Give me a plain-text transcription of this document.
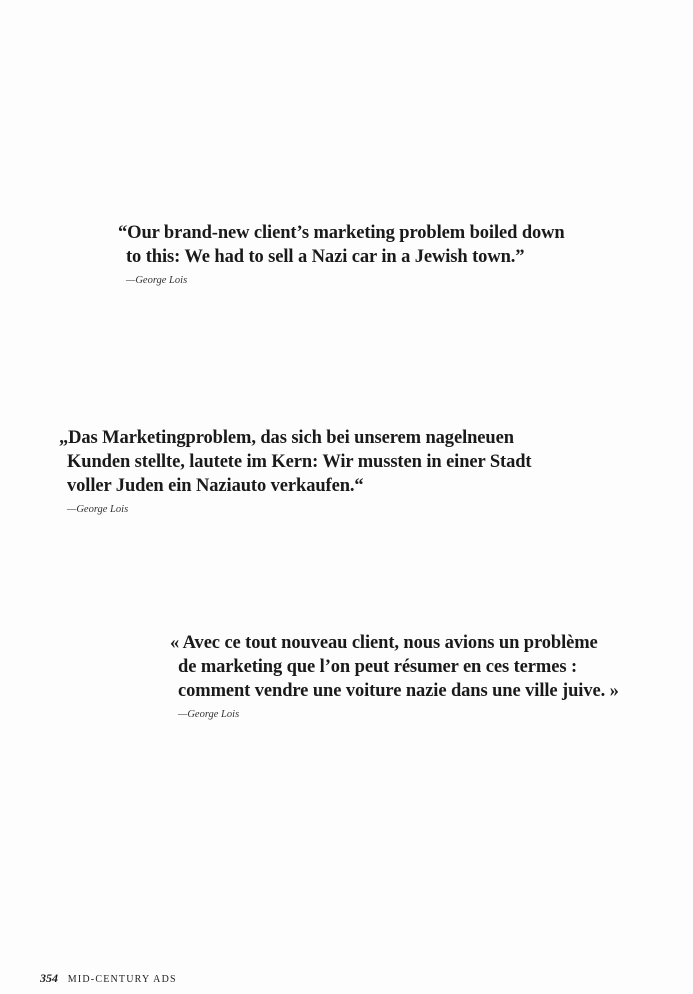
“Our brand-new client’s marketing problem boiled down
to this: We had to sell a Nazi car in a Jewish town.”
—George Lois
„Das Marketingproblem, das sich bei unserem nagelneuen
Kunden stellte, lautete im Kern: Wir mussten in einer Stadt
voller Juden ein Naziauto verkaufen.“
—George Lois
« Avec ce tout nouveau client, nous avions un problème
de marketing que l’on peut résumer en ces termes :
comment vendre une voiture nazie dans une ville juive. »
—George Lois
354 MID-CENTURY ADS
